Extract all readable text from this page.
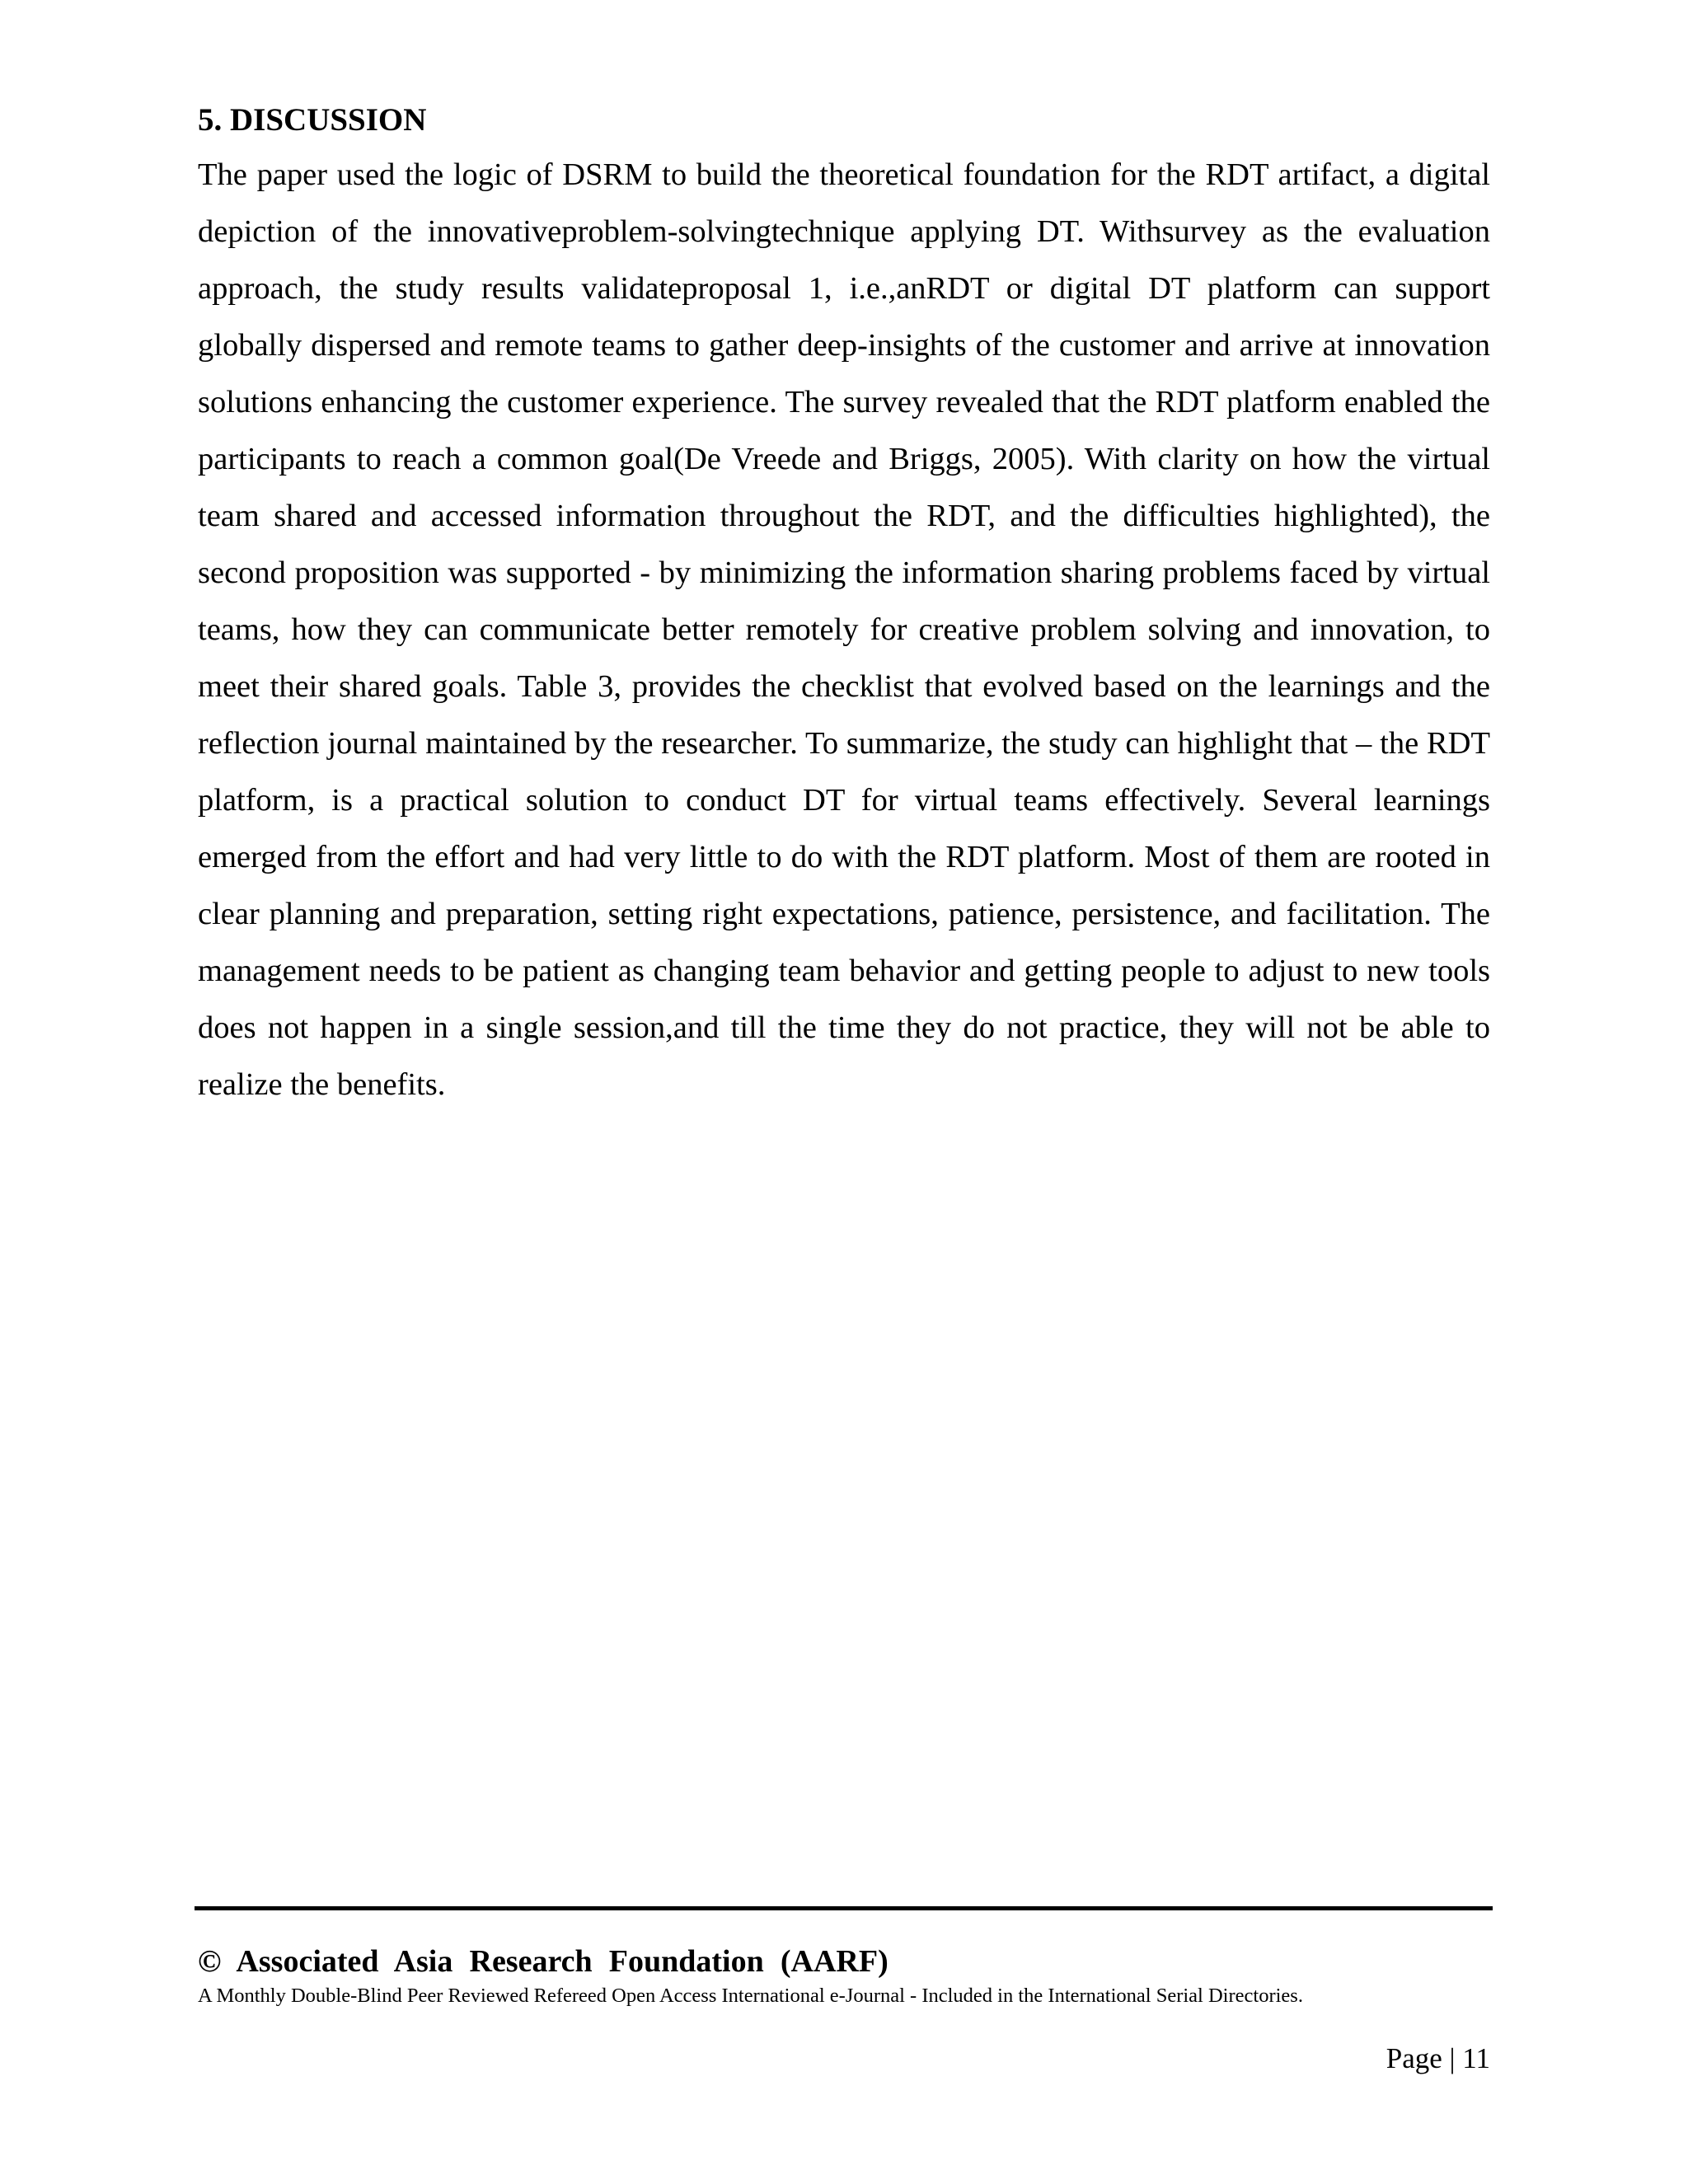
5. DISCUSSION

The paper used the logic of DSRM to build the theoretical foundation for the RDT artifact, a digital depiction of the innovativeproblem-solvingtechnique applying DT. Withsurvey as the evaluation approach, the study results validateproposal 1, i.e.,anRDT or digital DT platform can support globally dispersed and remote teams to gather deep-insights of the customer and arrive at innovation solutions enhancing the customer experience. The survey revealed that the RDT platform enabled the participants to reach a common goal(De Vreede and Briggs, 2005). With clarity on how the virtual team shared and accessed information throughout the RDT, and the difficulties highlighted), the second proposition was supported - by minimizing the information sharing problems faced by virtual teams, how they can communicate better remotely for creative problem solving and innovation, to meet their shared goals. Table 3, provides the checklist that evolved based on the learnings and the reflection journal maintained by the researcher. To summarize, the study can highlight that – the RDT platform, is a practical solution to conduct DT for virtual teams effectively. Several learnings emerged from the effort and had very little to do with the RDT platform. Most of them are rooted in clear planning and preparation, setting right expectations, patience, persistence, and facilitation. The management needs to be patient as changing team behavior and getting people to adjust to new tools does not happen in a single session,and till the time they do not practice, they will not be able to realize the benefits.

© Associated Asia Research Foundation (AARF)
A Monthly Double-Blind Peer Reviewed Refereed Open Access International e-Journal - Included in the International Serial Directories.
Page | 11
